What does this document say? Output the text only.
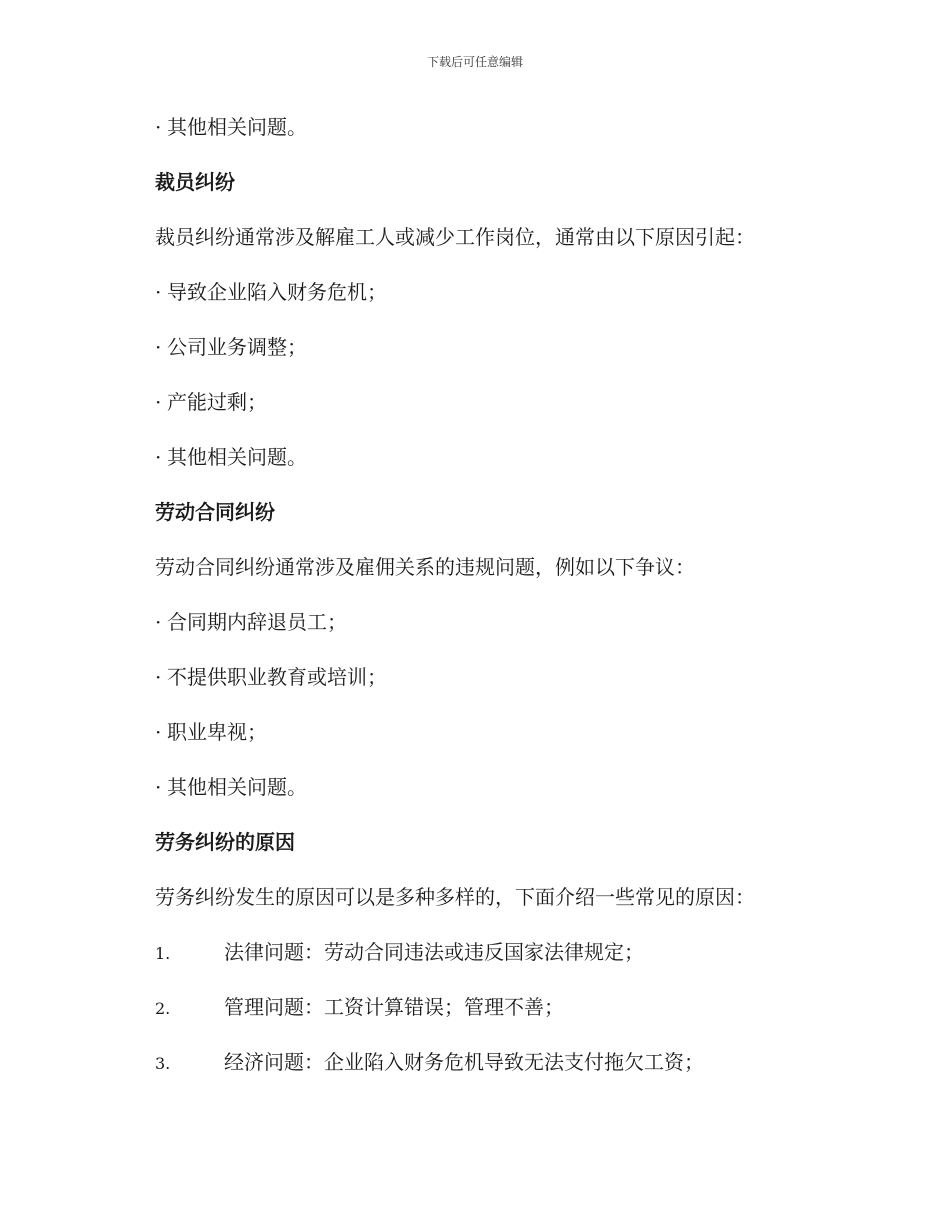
下载后可任意编辑
· 其他相关问题。
裁员纠纷
裁员纠纷通常涉及解雇工人或减少工作岗位，通常由以下原因引起：
· 导致企业陷入财务危机；
· 公司业务调整；
· 产能过剩；
· 其他相关问题。
劳动合同纠纷
劳动合同纠纷通常涉及雇佣关系的违规问题，例如以下争议：
· 合同期内辞退员工；
· 不提供职业教育或培训；
· 职业卑视；
· 其他相关问题。
劳务纠纷的原因
劳务纠纷发生的原因可以是多种多样的，下面介绍一些常见的原因：
1.	法律问题：劳动合同违法或违反国家法律规定；
2.	管理问题：工资计算错误；管理不善；
3.	经济问题：企业陷入财务危机导致无法支付拖欠工资；
